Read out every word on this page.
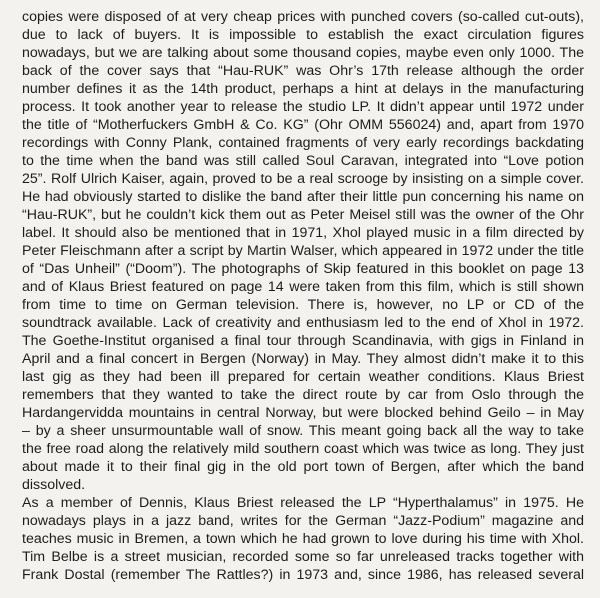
copies were disposed of at very cheap prices with punched covers (so-called cut-outs),
due to lack of buyers. It is impossible to establish the exact circulation figures
nowadays, but we are talking about some thousand copies, maybe even only 1000. The
back of the cover says that “Hau-RUK” was Ohr’s 17th release although the order
number defines it as the 14th product, perhaps a hint at delays in the manufacturing
process. It took another year to release the studio LP. It didn’t appear until 1972 under
the title of “Motherfuckers GmbH & Co. KG” (Ohr OMM 556024) and, apart from 1970
recordings with Conny Plank, contained fragments of very early recordings backdating
to the time when the band was still called Soul Caravan, integrated into “Love potion
25”. Rolf Ulrich Kaiser, again, proved to be a real scrooge by insisting on a simple cover.
He had obviously started to dislike the band after their little pun concerning his name on
“Hau-RUK”, but he couldn’t kick them out as Peter Meisel still was the owner of the Ohr
label. It should also be mentioned that in 1971, Xhol played music in a film directed by
Peter Fleischmann after a script by Martin Walser, which appeared in 1972 under the title
of “Das Unheil” (“Doom”). The photographs of Skip featured in this booklet on page 13
and of Klaus Briest featured on page 14 were taken from this film, which is still shown
from time to time on German television. There is, however, no LP or CD of the
soundtrack available. Lack of creativity and enthusiasm led to the end of Xhol in 1972.
The Goethe-Institut organised a final tour through Scandinavia, with gigs in Finland in
April and a final concert in Bergen (Norway) in May. They almost didn’t make it to this
last gig as they had been ill prepared for certain weather conditions. Klaus Briest
remembers that they wanted to take the direct route by car from Oslo through the
Hardangervidda mountains in central Norway, but were blocked behind Geilo – in May
– by a sheer unsurmountable wall of snow. This meant going back all the way to take
the free road along the relatively mild southern coast which was twice as long. They just
about made it to their final gig in the old port town of Bergen, after which the band
dissolved.
As a member of Dennis, Klaus Briest released the LP “Hyperthalamus” in 1975. He
nowadays plays in a jazz band, writes for the German “Jazz-Podium” magazine and
teaches music in Bremen, a town which he had grown to love during his time with Xhol.
Tim Belbe is a street musician, recorded some so far unreleased tracks together with
Frank Dostal (remember The Rattles?) in 1973 and, since 1986, has released several
